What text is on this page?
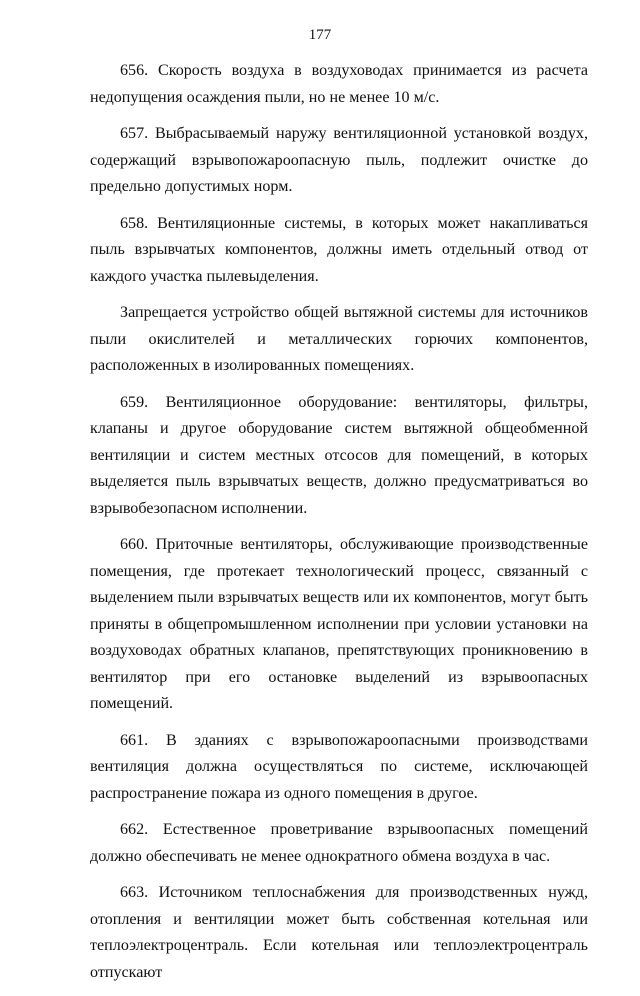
177

656. Скорость воздуха в воздуховодах принимается из расчета недопущения осаждения пыли, но не менее 10 м/с.

657. Выбрасываемый наружу вентиляционной установкой воздух, содержащий взрывопожароопасную пыль, подлежит очистке до предельно допустимых норм.

658. Вентиляционные системы, в которых может накапливаться пыль взрывчатых компонентов, должны иметь отдельный отвод от каждого участка пылевыделения.

Запрещается устройство общей вытяжной системы для источников пыли окислителей и металлических горючих компонентов, расположенных в изолированных помещениях.

659. Вентиляционное оборудование: вентиляторы, фильтры, клапаны и другое оборудование систем вытяжной общеобменной вентиляции и систем местных отсосов для помещений, в которых выделяется пыль взрывчатых веществ, должно предусматриваться во взрывобезопасном исполнении.

660. Приточные вентиляторы, обслуживающие производственные помещения, где протекает технологический процесс, связанный с выделением пыли взрывчатых веществ или их компонентов, могут быть приняты в общепромышленном исполнении при условии установки на воздуховодах обратных клапанов, препятствующих проникновению в вентилятор при его остановке выделений из взрывоопасных помещений.

661. В зданиях с взрывопожароопасными производствами вентиляция должна осуществляться по системе, исключающей распространение пожара из одного помещения в другое.

662. Естественное проветривание взрывоопасных помещений должно обеспечивать не менее однократного обмена воздуха в час.

663. Источником теплоснабжения для производственных нужд, отопления и вентиляции может быть собственная котельная или теплоэлектроцентраль. Если котельная или теплоэлектроцентраль отпускают
